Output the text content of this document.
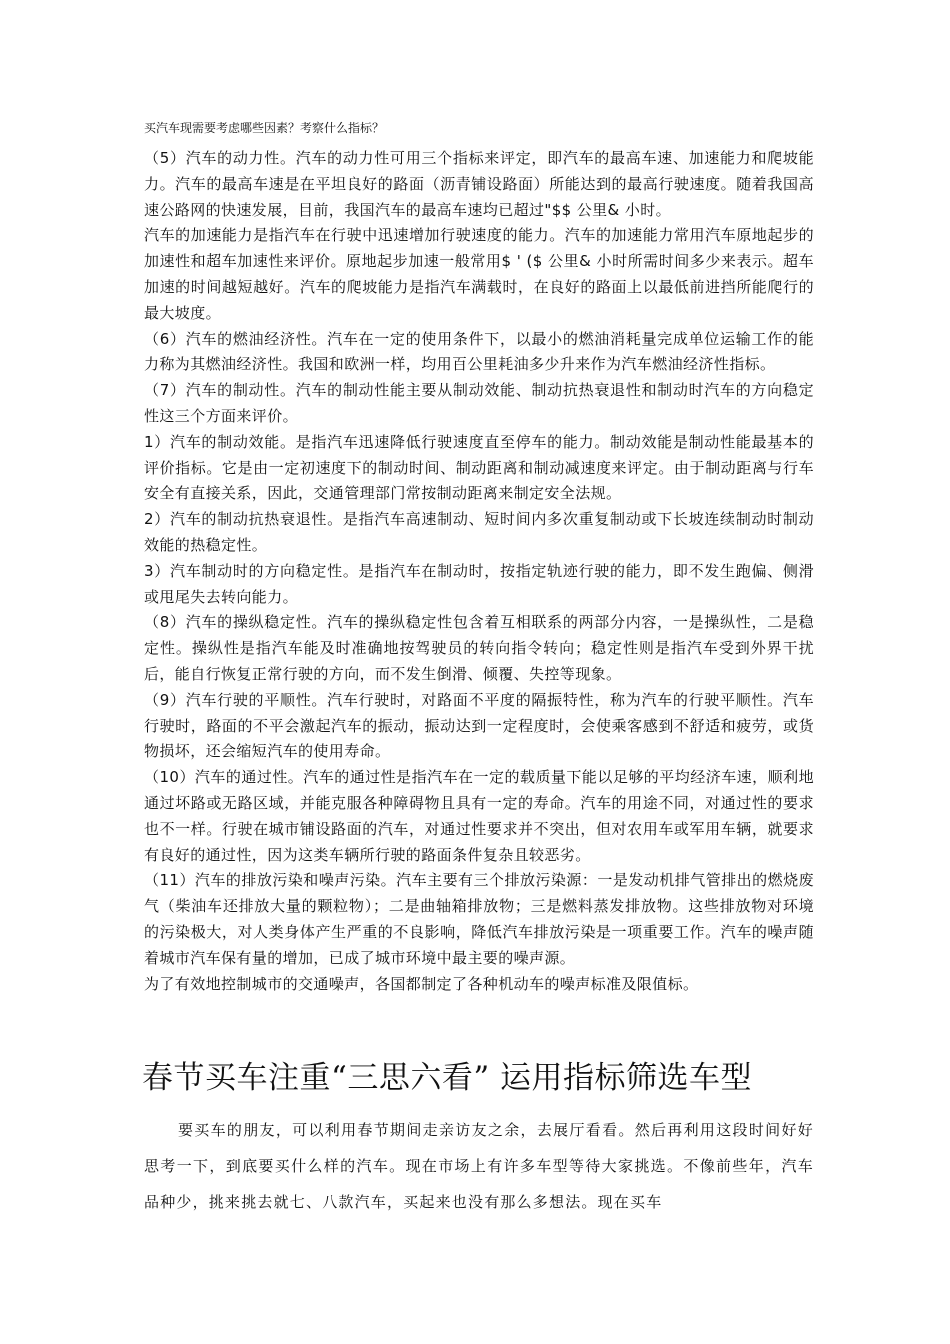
买汽车现需要考虑哪些因素？考察什么指标？

（5）汽车的动力性。汽车的动力性可用三个指标来评定，即汽车的最高车速、加速能力和爬坡能力。汽车的最高车速是在平坦良好的路面（沥青铺设路面）所能达到的最高行驶速度。随着我国高速公路网的快速发展，目前，我国汽车的最高车速均已超过"$$ 公里& 小时。

汽车的加速能力是指汽车在行驶中迅速增加行驶速度的能力。汽车的加速能力常用汽车原地起步的加速性和超车加速性来评价。原地起步加速一般常用$ ' ($ 公里& 小时所需时间多少来表示。超车加速的时间越短越好。汽车的爬坡能力是指汽车满载时，在良好的路面上以最低前进挡所能爬行的最大坡度。

（6）汽车的燃油经济性。汽车在一定的使用条件下，以最小的燃油消耗量完成单位运输工作的能力称为其燃油经济性。我国和欧洲一样，均用百公里耗油多少升来作为汽车燃油经济性指标。

（7）汽车的制动性。汽车的制动性能主要从制动效能、制动抗热衰退性和制动时汽车的方向稳定性这三个方面来评价。

1）汽车的制动效能。是指汽车迅速降低行驶速度直至停车的能力。制动效能是制动性能最基本的评价指标。它是由一定初速度下的制动时间、制动距离和制动减速度来评定。由于制动距离与行车安全有直接关系，因此，交通管理部门常按制动距离来制定安全法规。

2）汽车的制动抗热衰退性。是指汽车高速制动、短时间内多次重复制动或下长坡连续制动时制动效能的热稳定性。

3）汽车制动时的方向稳定性。是指汽车在制动时，按指定轨迹行驶的能力，即不发生跑偏、侧滑或甩尾失去转向能力。

（8）汽车的操纵稳定性。汽车的操纵稳定性包含着互相联系的两部分内容，一是操纵性，二是稳定性。操纵性是指汽车能及时准确地按驾驶员的转向指令转向；稳定性则是指汽车受到外界干扰后，能自行恢复正常行驶的方向，而不发生倒滑、倾覆、失控等现象。

（9）汽车行驶的平顺性。汽车行驶时，对路面不平度的隔振特性，称为汽车的行驶平顺性。汽车行驶时，路面的不平会激起汽车的振动，振动达到一定程度时，会使乘客感到不舒适和疲劳，或货物损坏，还会缩短汽车的使用寿命。

（10）汽车的通过性。汽车的通过性是指汽车在一定的载质量下能以足够的平均经济车速，顺利地通过坏路或无路区域，并能克服各种障碍物且具有一定的寿命。汽车的用途不同，对通过性的要求也不一样。行驶在城市铺设路面的汽车，对通过性要求并不突出，但对农用车或军用车辆，就要求有良好的通过性，因为这类车辆所行驶的路面条件复杂且较恶劣。

（11）汽车的排放污染和噪声污染。汽车主要有三个排放污染源：一是发动机排气管排出的燃烧废气（柴油车还排放大量的颗粒物）；二是曲轴箱排放物；三是燃料蒸发排放物。这些排放物对环境的污染极大，对人类身体产生严重的不良影响，降低汽车排放污染是一项重要工作。汽车的噪声随着城市汽车保有量的增加，已成了城市环境中最主要的噪声源。

为了有效地控制城市的交通噪声，各国都制定了各种机动车的噪声标准及限值标。

春节买车注重“三思六看” 运用指标筛选车型

要买车的朋友，可以利用春节期间走亲访友之余，去展厅看看。然后再利用这段时间好好思考一下，到底要买什么样的汽车。现在市场上有许多车型等待大家挑选。不像前些年，汽车品种少，挑来挑去就七、八款汽车，买起来也没有那么多想法。现在买车
